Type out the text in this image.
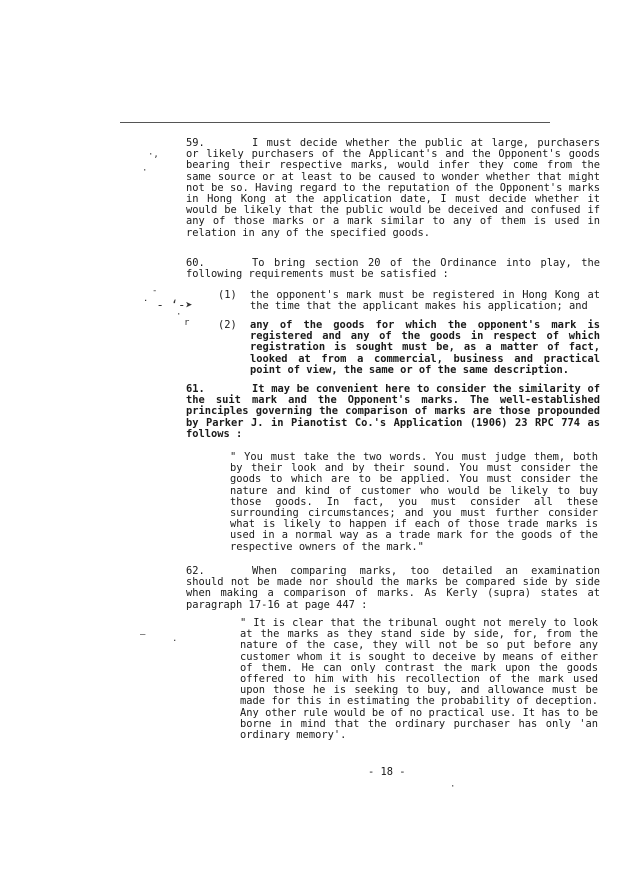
59.	I must decide whether the public at large, purchasers or likely purchasers of the Applicant's and the Opponent's goods bearing their respective marks, would infer they come from the same source or at least to be caused to wonder whether that might not be so. Having regard to the reputation of the Opponent's marks in Hong Kong at the application date, I must decide whether it would be likely that the public would be deceived and confused if any of those marks or a mark similar to any of them is used in relation in any of the specified goods.
60.	To bring section 20 of the Ordinance into play, the following requirements must be satisfied :
(1) the opponent's mark must be registered in Hong Kong at the time that the applicant makes his application; and
(2) any of the goods for which the opponent's mark is registered and any of the goods in respect of which registration is sought must be, as a matter of fact, looked at from a commercial, business and practical point of view, the same or of the same description.
61.	It may be convenient here to consider the similarity of the suit mark and the Opponent's marks. The well-established principles governing the comparison of marks are those propounded by Parker J. in Pianotist Co.'s Application (1906) 23 RPC 774 as follows :
" You must take the two words. You must judge them, both by their look and by their sound. You must consider the goods to which are to be applied. You must consider the nature and kind of customer who would be likely to buy those goods. In fact, you must consider all these surrounding circumstances; and you must further consider what is likely to happen if each of those trade marks is used in a normal way as a trade mark for the goods of the respective owners of the mark."
62.	When comparing marks, too detailed an examination should not be made nor should the marks be compared side by side when making a comparison of marks. As Kerly (supra) states at paragraph 17-16 at page 447 :
" It is clear that the tribunal ought not merely to look at the marks as they stand side by side, for, from the nature of the case, they will not be so put before any customer whom it is sought to deceive by means of either of them. He can only contrast the mark upon the goods offered to him with his recollection of the mark used upon those he is seeking to buy, and allowance must be made for this in estimating the probability of deception. Any other rule would be of no practical use. It has to be borne in mind that the ordinary purchaser has only 'an ordinary memory'.
- 18 -
·,
·
-
˙ ‐ ‘‑➤
·
r
—	.
·
